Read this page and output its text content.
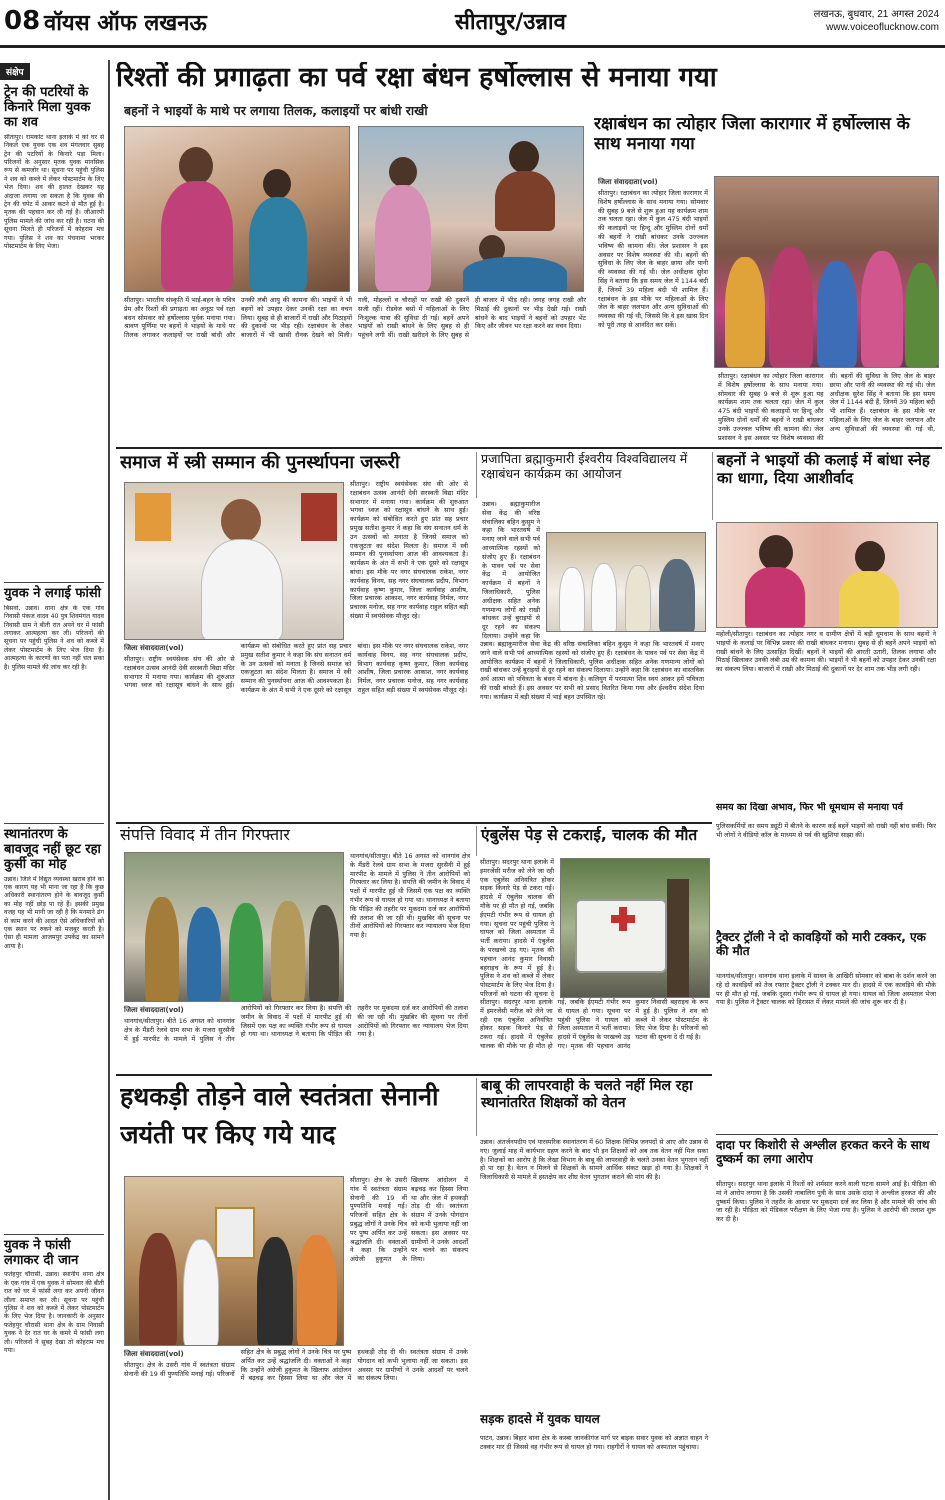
08 वॉयस ऑफ लखनऊ	सीतापुर/उन्नाव	लखनऊ, बुधवार, 21 अगस्त 2024
www.voiceoflucknow.com
संक्षेप
ट्रेन की पटरियों के किनारे मिला युवक का शव
सीतापुर। रामकोट थाना इलाके में को घर से निकले एक युवक एक शव मंगलवार सुबह ट्रेन की पटरियों के किनारे पड़ा मिला। परिजनों के अनुसार मृतक युवक मानसिक रूप से कमजोर था। सूचना पर पहुंची पुलिस ने शव को कब्जे में लेकर पोस्टमार्टम के लिए भेज दिया। शव की हालत देखकर यह अंदाजा लगाया जा सकता है कि युवक की ट्रेन की चपेट में आकर कटने से मौत हुई है। मृतक की पहचान कर ली गई है। जीआरपी पुलिस मामले की जांच कर रही है। घटना की सूचना मिलते ही परिजनों में कोहराम मच गया। पुलिस ने शव का पंचनामा भरकर पोस्टमार्टम के लिए भेजा।
युवक ने लगाई फांसी
बिसवां, उन्नाव। थाना क्षेत्र के एक गांव निवासी पंकज वादव 40 पुत्र शिवमंगल यादव निवासी ग्राम ने बीती रात अपने घर में फांसी लगाकर आत्महत्या कर ली। परिजनों की सूचना पर पहुंची पुलिस ने शव को कब्जे में लेकर पोस्टमार्टम के लिए भेज दिया है। आत्महत्या के कारणों का पता नहीं चल सका है। पुलिस मामले की जांच कर रही है।
स्थानांतरण के बावजूद नहीं छूट रहा कुर्सी का मोह
उन्नाव। जिले में विद्युत व्यवस्था खराब होने का एक कारण यह भी माना जा रहा है कि कुछ अधिकारी स्थानांतरण होने के बावजूद कुर्सी का मोह नहीं छोड़ पा रहे हैं। इसकी प्रमुख वजह यह भी मानी जा रही है कि मनमाने ढंग से काम करने की आदत ऐसे अधिकारियों को एक स्थान पर रुकने को मजबूर करती है। ऐसा ही मामला आजमपुर उपकेंद्र का सामने आया है।
युवक ने फांसी लगाकर दी जान
फतेहपुर चौरासी, उन्नाव। स्थानीय थाना क्षेत्र के एक गांव में एक युवक ने सोमवार की बीती रात को घर में फांसी लगा कर अपनी जीवन लीला समाप्त कर ली। सूचना पर पहुंची पुलिस ने शव को कब्जे में लेकर पोस्टमार्टम के लिए भेज दिया है। जानकारी के अनुसार फतेहपुर चौरासी थाना क्षेत्र के ग्राम निवासी युवक ने देर रात घर के कमरे में फांसी लगा ली। परिजनों ने सुबह देखा तो कोहराम मच गया।
रिश्तों की प्रगाढ़ता का पर्व रक्षा बंधन हर्षोल्लास से मनाया गया
बहनों ने भाइयों के माथे पर लगाया तिलक, कलाइयों पर बांधी राखी
सीतापुर। भारतीय संस्कृति में भाई-बहन के पवित्र प्रेम और रिश्तों की प्रगाढ़ता का अनूठा पर्व रक्षा बंधन सोमवार को हर्षोल्लास पूर्वक मनाया गया। श्रावण पूर्णिमा पर बहनों ने भाइयों के माथे पर तिलक लगाकर कलाइयों पर राखी बांधी और उनकी लंबी आयु की कामना की। भाइयों ने भी बहनों को उपहार देकर उनकी रक्षा का वचन लिया। सुबह से ही बाजारों में राखी और मिठाइयों की दुकानों पर भीड़ रही। रक्षाबंधन के लेकर बाजारों में भी खासी रौनक देखने को मिली। गली, मोहल्लों व चौराहों पर राखी की दुकानें सजी रहीं। रोडवेज बसों में महिलाओं के लिए निःशुल्क यात्रा की सुविधा दी गई। बहनें अपने भाइयों को राखी बांधने के लिए सुबह से ही पहुंचने लगी थीं। राखी खरीदने के लिए सुबह से ही बाजार में भीड़ रही। जगह जगह राखी और मिठाई की दुकानों पर भीड़ देखी गई। राखी बांधने के बाद भाइयों ने बहनों को उपहार भेंट किए और जीवन भर रक्षा करने का वचन दिया।
रक्षाबंधन का त्योहार जिला कारागार में हर्षोल्लास के साथ मनाया गया
जिला संवाददाता(vol)
सीतापुर। रक्षाबंधन का त्योहार जिला कारागार में विशेष हर्षोल्लास के साथ मनाया गया। सोमवार की सुबह 9 बजे से शुरू हुआ यह कार्यक्रम शाम तक चलता रहा। जेल में कुल 475 बंदी भाइयों की कलाइयों पर हिन्दू और मुस्लिम दोनों धर्मों की बहनों ने राखी बांधकर उनके उज्ज्वल भविष्य की कामना की। जेल प्रशासन ने इस अवसर पर विशेष व्यवस्था की थी। बहनों की सुविधा के लिए जेल के बाहर छाया और पानी की व्यवस्था की गई थी। जेल अधीक्षक सुरेश सिंह ने बताया कि इस समय जेल में 1144 बंदी हैं, जिनमें 39 महिला बंदी भी शामिल हैं। रक्षाबंधन के इस मौके पर महिलाओं के लिए जेल के बाहर जलपान और अन्य सुविधाओं की व्यवस्था की गई थी, जिससे कि वे इस खास दिन को पूरी तरह से आनंदित कर सकें।
सीतापुर। रक्षाबंधन का त्योहार जिला कारागार में विशेष हर्षोल्लास के साथ मनाया गया। सोमवार की सुबह 9 बजे से शुरू हुआ यह कार्यक्रम शाम तक चलता रहा। जेल में कुल 475 बंदी भाइयों की कलाइयों पर हिन्दू और मुस्लिम दोनों धर्मों की बहनों ने राखी बांधकर उनके उज्ज्वल भविष्य की कामना की। जेल प्रशासन ने इस अवसर पर विशेष व्यवस्था की थी। बहनों की सुविधा के लिए जेल के बाहर छाया और पानी की व्यवस्था की गई थी। जेल अधीक्षक सुरेश सिंह ने बताया कि इस समय जेल में 1144 बंदी हैं, जिनमें 39 महिला बंदी भी शामिल हैं। रक्षाबंधन के इस मौके पर महिलाओं के लिए जेल के बाहर जलपान और अन्य सुविधाओं की व्यवस्था की गई थी,
समाज में स्त्री सम्मान की पुनर्स्थापना जरूरी
सीतापुर। राष्ट्रीय स्वयंसेवक संघ की ओर से रक्षाबंधन उत्सव आनंदी देवी सरस्वती विद्या मंदिर सभागार में मनाया गया। कार्यक्रम की शुरुआत भगवा ध्वज को रक्षासूत्र बांधने के साथ हुई। कार्यक्रम को संबोधित करते हुए प्रांत सह प्रचार प्रमुख सतीश कुमार ने कहा कि संघ सनातन धर्म के उन उत्सवों को मनाता है जिनसे समाज को एकजुटता का संदेश मिलता है। समाज में स्त्री सम्मान की पुनर्स्थापना आज की आवश्यकता है। कार्यक्रम के अंत में सभी ने एक दूसरे को रक्षासूत्र बांधा। इस मौके पर नगर संघचालक राकेश, नगर कार्यवाह विनय, सह नगर संघचालक प्रदीप, विभाग कार्यवाह कृष्ण कुमार, जिला कार्यवाह आशीष, जिला प्रचारक आकाश, नगर कार्यवाह निर्मल, नगर प्रचारक मनोज, सह नगर कार्यवाह राहुल सहित बड़ी संख्या में स्वयंसेवक मौजूद रहे।
जिला संवाददाता(vol)
सीतापुर। राष्ट्रीय स्वयंसेवक संघ की ओर से रक्षाबंधन उत्सव आनंदी देवी सरस्वती विद्या मंदिर सभागार में मनाया गया। कार्यक्रम की शुरुआत भगवा ध्वज को रक्षासूत्र बांधने के साथ हुई। कार्यक्रम को संबोधित करते हुए प्रांत सह प्रचार प्रमुख सतीश कुमार ने कहा कि संघ सनातन धर्म के उन उत्सवों को मनाता है जिनसे समाज को एकजुटता का संदेश मिलता है। समाज में स्त्री सम्मान की पुनर्स्थापना आज की आवश्यकता है। कार्यक्रम के अंत में सभी ने एक दूसरे को रक्षासूत्र बांधा। इस मौके पर नगर संघचालक राकेश, नगर कार्यवाह विनय, सह नगर संघचालक प्रदीप, विभाग कार्यवाह कृष्ण कुमार, जिला कार्यवाह आशीष, जिला प्रचारक आकाश, नगर कार्यवाह निर्मल, नगर प्रचारक मनोज, सह नगर कार्यवाह राहुल सहित बड़ी संख्या में स्वयंसेवक मौजूद रहे।
प्रजापिता ब्रह्माकुमारी ईश्वरीय विश्वविद्यालय में रक्षाबंधन कार्यक्रम का आयोजन
उन्नाव। ब्रह्माकुमारीज सेवा केंद्र की वरिष्ठ संचालिका बहिन कुसुम ने कहा कि भारतवर्ष में मनाए जाने वाले सभी पर्व आध्यात्मिक रहस्यों को संजोए हुए हैं। रक्षाबंधन के पावन पर्व पर सेवा केंद्र में आयोजित कार्यक्रम में बहनों ने जिलाधिकारी, पुलिस अधीक्षक सहित अनेक गणमान्य लोगों को राखी बांधकर उन्हें बुराइयों से दूर रहने का संकल्प दिलाया। उन्होंने कहा कि
उन्नाव। ब्रह्माकुमारीज सेवा केंद्र की वरिष्ठ संचालिका बहिन कुसुम ने कहा कि भारतवर्ष में मनाए जाने वाले सभी पर्व आध्यात्मिक रहस्यों को संजोए हुए हैं। रक्षाबंधन के पावन पर्व पर सेवा केंद्र में आयोजित कार्यक्रम में बहनों ने जिलाधिकारी, पुलिस अधीक्षक सहित अनेक गणमान्य लोगों को राखी बांधकर उन्हें बुराइयों से दूर रहने का संकल्प दिलाया। उन्होंने कहा कि रक्षाबंधन का वास्तविक अर्थ आत्मा को पवित्रता के बंधन में बांधना है। कलियुग में परमात्मा शिव स्वयं आकर हमें पवित्रता की राखी बांधते हैं। इस अवसर पर सभी को प्रसाद वितरित किया गया और ईश्वरीय संदेश दिया गया। कार्यक्रम में बड़ी संख्या में भाई बहन उपस्थित रहे।
बहनों ने भाइयों की कलाई में बांधा स्नेह का धागा, दिया आशीर्वाद
महोली/सीतापुर। रक्षाबंधन का त्योहार नगर व ग्रामीण क्षेत्रों में बड़ी धूमधाम के साथ बहनों ने भाइयों के कलाई पर विभिन्न प्रकार की राखी बांधकर मनाया। सुबह से ही बहनें अपने भाइयों को राखी बांधने के लिए उत्साहित दिखीं। बहनों ने भाइयों की आरती उतारी, तिलक लगाया और मिठाई खिलाकर उनकी लंबी उम्र की कामना की। भाइयों ने भी बहनों को उपहार देकर उनकी रक्षा का संकल्प लिया। बाजारों में राखी और मिठाई की दुकानों पर देर शाम तक भीड़ लगी रही।
समय का दिखा अभाव, फिर भी धूमधाम से मनाया पर्व
संपत्ति विवाद में तीन गिरफ्तार
थानगांव/सीतापुर। बीते 16 अगस्त को थानगांव क्षेत्र के मैंडरी रेलवे ग्राम सभा के मजरा सुरसैनी में हुई मारपीट के मामले में पुलिस ने तीन आरोपियों को गिरफ्तार कर लिया है। संपत्ति की जमीन के विवाद में पक्षों में मारपीट हुई थी जिसमें एक पक्ष का व्यक्ति गंभीर रूप से घायल हो गया था। थानाध्यक्ष ने बताया कि पीड़ित की तहरीर पर मुकदमा दर्ज कर आरोपियों की तलाश की जा रही थी। मुखबिर की सूचना पर तीनों आरोपियों को गिरफ्तार कर न्यायालय भेज दिया गया है।
जिला संवाददाता(vol)
थानगांव/सीतापुर। बीते 16 अगस्त को थानगांव क्षेत्र के मैंडरी रेलवे ग्राम सभा के मजरा सुरसैनी में हुई मारपीट के मामले में पुलिस ने तीन आरोपियों को गिरफ्तार कर लिया है। संपत्ति की जमीन के विवाद में पक्षों में मारपीट हुई थी जिसमें एक पक्ष का व्यक्ति गंभीर रूप से घायल हो गया था। थानाध्यक्ष ने बताया कि पीड़ित की तहरीर पर मुकदमा दर्ज कर आरोपियों की तलाश की जा रही थी। मुखबिर की सूचना पर तीनों आरोपियों को गिरफ्तार कर न्यायालय भेज दिया गया है।
एंबुलेंस पेड़ से टकराई, चालक की मौत
सीतापुर। सदरपुर थाना इलाके में इमरजेंसी मरीज को लेने जा रही एक एंबुलेंस अनियंत्रित होकर सड़क किनारे पेड़ से टकरा गई। हादसे में एंबुलेंस चालक की मौके पर ही मौत हो गई, जबकि ईएमटी गंभीर रूप से घायल हो गया। सूचना पर पहुंची पुलिस ने घायल को जिला अस्पताल में भर्ती कराया। हादसे में एंबुलेंस के परखच्चे उड़ गए। मृतक की पहचान आनंद कुमार निवासी बहराइच के रूप में हुई है। पुलिस ने शव को कब्जे में लेकर पोस्टमार्टम के लिए भेज दिया है। परिजनों को घटना की सूचना दे
सीतापुर। सदरपुर थाना इलाके में इमरजेंसी मरीज को लेने जा रही एक एंबुलेंस अनियंत्रित होकर सड़क किनारे पेड़ से टकरा गई। हादसे में एंबुलेंस चालक की मौके पर ही मौत हो गई, जबकि ईएमटी गंभीर रूप से घायल हो गया। सूचना पर पहुंची पुलिस ने घायल को जिला अस्पताल में भर्ती कराया। हादसे में एंबुलेंस के परखच्चे उड़ गए। मृतक की पहचान आनंद कुमार निवासी बहराइच के रूप में हुई है। पुलिस ने शव को कब्जे में लेकर पोस्टमार्टम के लिए भेज दिया है। परिजनों को घटना की सूचना दे दी गई है।
पुलिसकर्मियों का समय ड्यूटी में बीतने के कारण कई बहनें भाइयों को राखी नहीं बांध सकीं। फिर भी लोगों ने वीडियो कॉल के माध्यम से पर्व की खुशियां साझा कीं।
ट्रैक्टर ट्रॉली ने दो कावड़ियों को मारी टक्कर, एक की मौत
थानगांव/सीतापुर। थानगांव थाना इलाके में सावन के आखिरी सोमवार को बाबा के दर्शन करने जा रहे दो कावड़ियों को तेज रफ्तार ट्रैक्टर ट्रॉली ने टक्कर मार दी। हादसे में एक कावड़िये की मौके पर ही मौत हो गई, जबकि दूसरा गंभीर रूप से घायल हो गया। घायल को जिला अस्पताल भेजा गया है। पुलिस ने ट्रैक्टर चालक को हिरासत में लेकर मामले की जांच शुरू कर दी है।
हथकड़ी तोड़ने वाले स्वतंत्रता सेनानी जयंती पर किए गये याद
सीतापुर। क्षेत्र के उसरी गांव में स्वतंत्रता संग्राम सेनानी की 19 वीं पुण्यतिथि मनाई गई। परिजनों सहित क्षेत्र के प्रबुद्ध लोगों ने उनके चित्र पर पुष्प अर्पित कर उन्हें श्रद्धांजलि दी। वक्ताओं ने कहा कि उन्होंने अंग्रेजी हुकूमत के खिलाफ आंदोलन में बढ़चढ़ कर हिस्सा लिया था और जेल में हथकड़ी तोड़ दी थी। स्वतंत्रता संग्राम में उनके योगदान को कभी भुलाया नहीं जा सकता। इस अवसर पर ग्रामीणों ने उनके आदर्शों पर चलने का संकल्प लिया।
जिला संवाददाता(vol)
सीतापुर। क्षेत्र के उसरी गांव में स्वतंत्रता संग्राम सेनानी की 19 वीं पुण्यतिथि मनाई गई। परिजनों सहित क्षेत्र के प्रबुद्ध लोगों ने उनके चित्र पर पुष्प अर्पित कर उन्हें श्रद्धांजलि दी। वक्ताओं ने कहा कि उन्होंने अंग्रेजी हुकूमत के खिलाफ आंदोलन में बढ़चढ़ कर हिस्सा लिया था और जेल में हथकड़ी तोड़ दी थी। स्वतंत्रता संग्राम में उनके योगदान को कभी भुलाया नहीं जा सकता। इस अवसर पर ग्रामीणों ने उनके आदर्शों पर चलने का संकल्प लिया।
बाबू की लापरवाही के चलते नहीं मिल रहा स्थानांतरित शिक्षकों को वेतन
उन्नाव। अंतर्जनपदीय एवं पारस्परिक स्थानांतरण में 60 शिक्षक विभिन्न जनपदों से आए और उन्नाव से गए। जुलाई माह में कार्यभार ग्रहण करने के बाद भी इन शिक्षकों को अब तक वेतन नहीं मिल सका है। शिक्षकों का आरोप है कि लेखा विभाग के बाबू की लापरवाही के चलते उनका वेतन भुगतान नहीं हो पा रहा है। वेतन न मिलने से शिक्षकों के सामने आर्थिक संकट खड़ा हो गया है। शिक्षकों ने जिलाधिकारी से मामले में हस्तक्षेप कर शीघ्र वेतन भुगतान कराने की मांग की है।
सड़क हादसे में युवक घायल
पाटन, उन्नाव। बिहार थाना क्षेत्र के कस्बा जानकीगंज मार्ग पर बाइक सवार युवक को अज्ञात वाहन ने टक्कर मार दी जिससे वह गंभीर रूप से घायल हो गया। राहगीरों ने घायल को अस्पताल पहुंचाया।
दादा पर किशोरी से अश्लील हरकत करने के साथ दुष्कर्म का लगा आरोप
सीतापुर। सदरपुर थाना इलाके में रिश्तों को शर्मसार करने वाली घटना सामने आई है। पीड़िता की मां ने आरोप लगाया है कि उसकी नाबालिग पुत्री के साथ उसके दादा ने अश्लील हरकत की और दुष्कर्म किया। पुलिस ने तहरीर के आधार पर मुकदमा दर्ज कर लिया है और मामले की जांच की जा रही है। पीड़िता को मेडिकल परीक्षण के लिए भेजा गया है। पुलिस ने आरोपी की तलाश शुरू कर दी है।
